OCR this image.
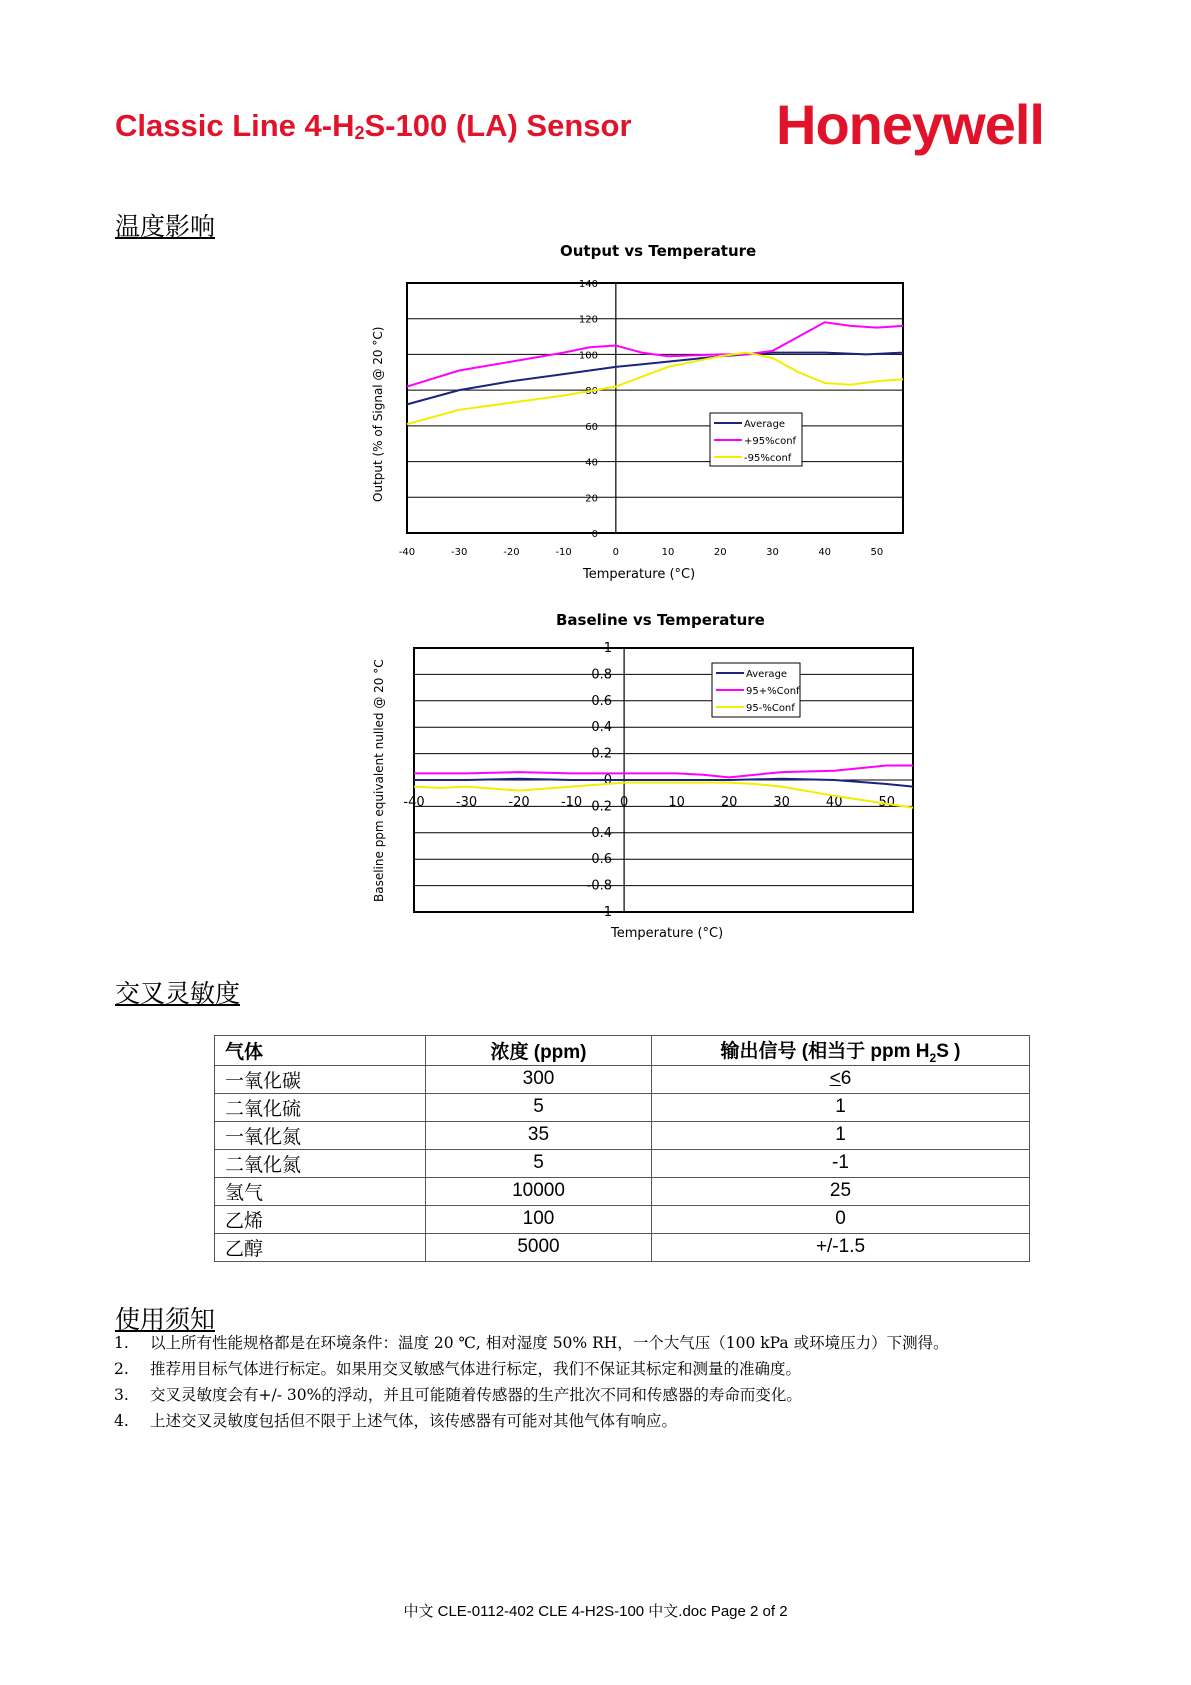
Classic Line $4-H_2S-100$ (LA) Sensor	Honeywell
温度影响
Output vs Temperature
Output (% of Signal @ 20 °C)
0
20
40
60
80
100
120
140
-40	-30	-20	-10	0	10	20	30	40	50
Average
+95%conf
-95%conf
Temperature (°C)
Baseline vs Temperature
Baseline ppm equivalent nulled @ 20 °C
1
0.8
0.6
0.4
0.2
0
0.2
0.4
0.6
-0.8
1
-40 -30 -20 -10	0	10	20	30	40	50
Average
95+%Conf
95-%Conf
Temperature (°C)
交叉灵敏度
气体	浓度 (ppm)	输出信号 (相当于 ppm $H_2S$ )
一氧化碳	300	<6
二氧化硫	5	1
一氧化氮	35	1
二氧化氮	5	-1
氢气	10000	25
乙烯	100	0
乙醇	5000	+/-1.5
使用须知
1.	以上所有性能规格都是在环境条件：温度 20 ℃, 相对湿度 50% RH，一个大气压（100 kPa 或环境压力）下测得。
2.	推荐用目标气体进行标定。如果用交叉敏感气体进行标定，我们不保证其标定和测量的准确度。
3.	交叉灵敏度会有+/- 30%的浮动，并且可能随着传感器的生产批次不同和传感器的寿命而变化。
4.	上述交叉灵敏度包括但不限于上述气体，该传感器有可能对其他气体有响应。
中文 CLE-0112-402 CLE 4-H2S-100 中文.doc Page 2 of 2
